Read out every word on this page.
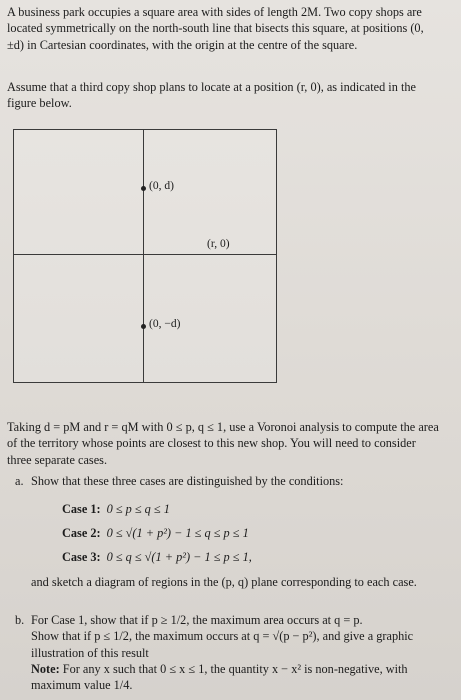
A business park occupies a square area with sides of length 2M. Two copy shops are located symmetrically on the north-south line that bisects this square, at positions (0, ±d) in Cartesian coordinates, with the origin at the centre of the square.
Assume that a third copy shop plans to locate at a position (r, 0), as indicated in the figure below.
(0, d)
(r, 0)
(0, −d)
Taking d = pM and r = qM with 0 ≤ p, q ≤ 1, use a Voronoi analysis to compute the area of the territory whose points are closest to this new shop. You will need to consider three separate cases.
a. Show that these three cases are distinguished by the conditions:
Case 1: 0 ≤ p ≤ q ≤ 1
Case 2: 0 ≤ √(1 + p²) − 1 ≤ q ≤ p ≤ 1
Case 3: 0 ≤ q ≤ √(1 + p²) − 1 ≤ p ≤ 1,
and sketch a diagram of regions in the (p, q) plane corresponding to each case.
b. For Case 1, show that if p ≥ 1/2, the maximum area occurs at q = p.
Show that if p ≤ 1/2, the maximum occurs at q = √(p − p²), and give a graphic illustration of this result
Note: For any x such that 0 ≤ x ≤ 1, the quantity x − x² is non-negative, with maximum value 1/4.
